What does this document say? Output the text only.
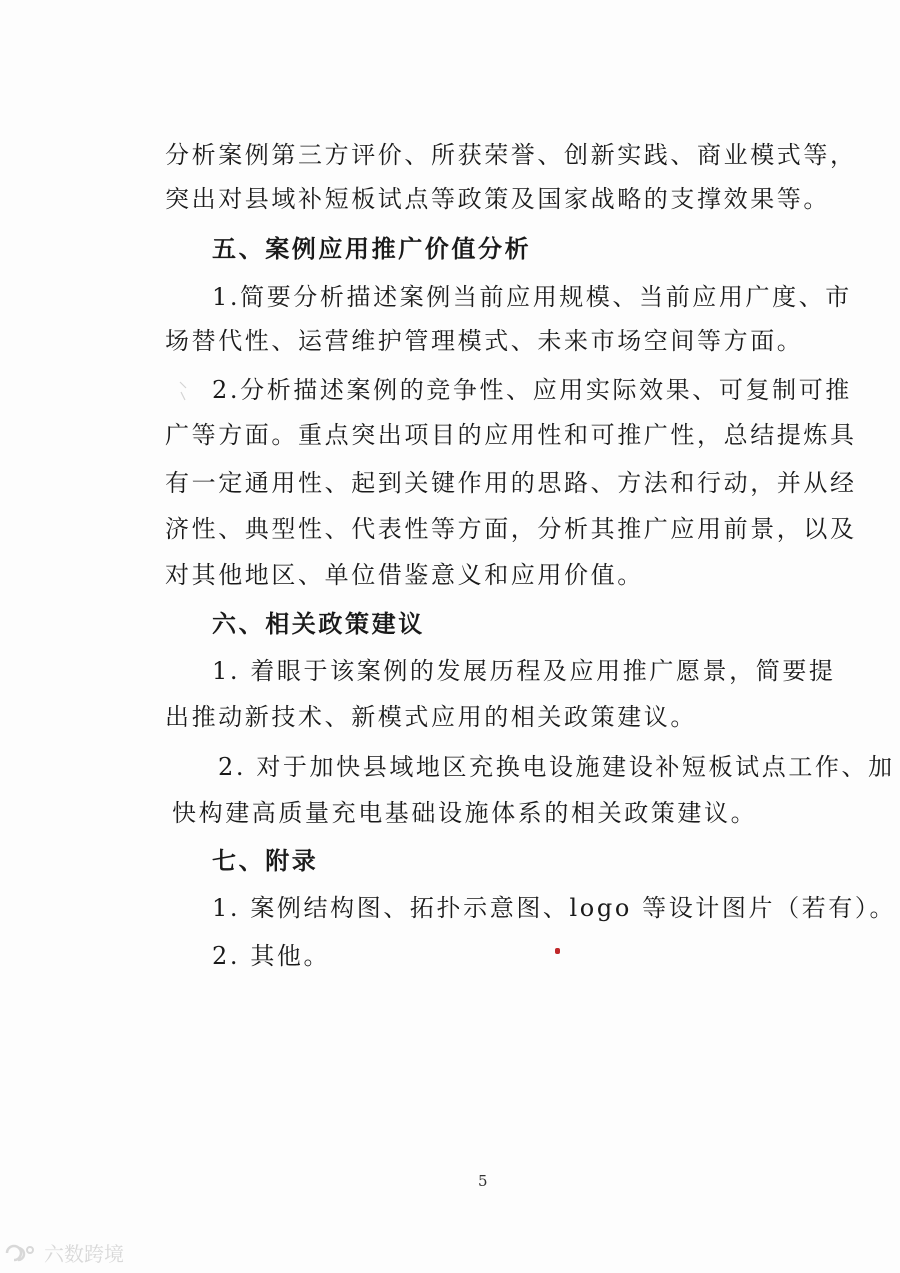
分析案例第三方评价、所获荣誉、创新实践、商业模式等，
突出对县域补短板试点等政策及国家战略的支撑效果等。
五、案例应用推广价值分析
1.简要分析描述案例当前应用规模、当前应用广度、市
场替代性、运营维护管理模式、未来市场空间等方面。
2.分析描述案例的竞争性、应用实际效果、可复制可推
广等方面。重点突出项目的应用性和可推广性，总结提炼具
有一定通用性、起到关键作用的思路、方法和行动，并从经
济性、典型性、代表性等方面，分析其推广应用前景，以及
对其他地区、单位借鉴意义和应用价值。
六、相关政策建议
1. 着眼于该案例的发展历程及应用推广愿景，简要提
出推动新技术、新模式应用的相关政策建议。
2. 对于加快县域地区充换电设施建设补短板试点工作、加
快构建高质量充电基础设施体系的相关政策建议。
七、附录
1. 案例结构图、拓扑示意图、logo 等设计图片（若有）。
2. 其他。
5
六数跨境
